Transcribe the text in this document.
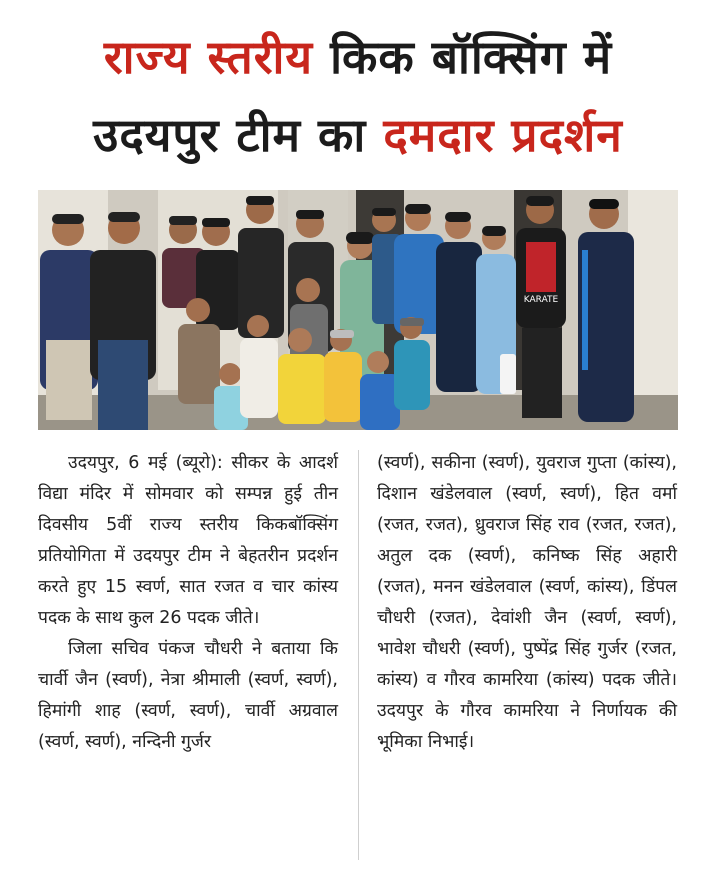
राज्य स्तरीय किक बॉक्सिंग में
उदयपुर टीम का दमदार प्रदर्शन
KARATE

उदयपुर, 6 मई (ब्यूरो): सीकर के आदर्श विद्या मंदिर में सोमवार को सम्पन्न हुई तीन दिवसीय 5वीं राज्य स्तरीय किकबॉक्सिंग प्रतियोगिता में उदयपुर टीम ने बेहतरीन प्रदर्शन करते हुए 15 स्वर्ण, सात रजत व चार कांस्य पदक के साथ कुल 26 पदक जीते।

जिला सचिव पंकज चौधरी ने बताया कि चार्वी जैन (स्वर्ण), नेत्रा श्रीमाली (स्वर्ण, स्वर्ण), हिमांगी शाह (स्वर्ण, स्वर्ण), चार्वी अग्रवाल (स्वर्ण, स्वर्ण), नन्दिनी गुर्जर

(स्वर्ण), सकीना (स्वर्ण), युवराज गुप्ता (कांस्य), दिशान खंडेलवाल (स्वर्ण, स्वर्ण), हित वर्मा (रजत, रजत), ध्रुवराज सिंह राव (रजत, रजत), अतुल दक (स्वर्ण), कनिष्क सिंह अहारी (रजत), मनन खंडेलवाल (स्वर्ण, कांस्य), डिंपल चौधरी (रजत), देवांशी जैन (स्वर्ण, स्वर्ण), भावेश चौधरी (स्वर्ण), पुष्पेंद्र सिंह गुर्जर (रजत, कांस्य) व गौरव कामरिया (कांस्य) पदक जीते। उदयपुर के गौरव कामरिया ने निर्णायक की भूमिका निभाई।
